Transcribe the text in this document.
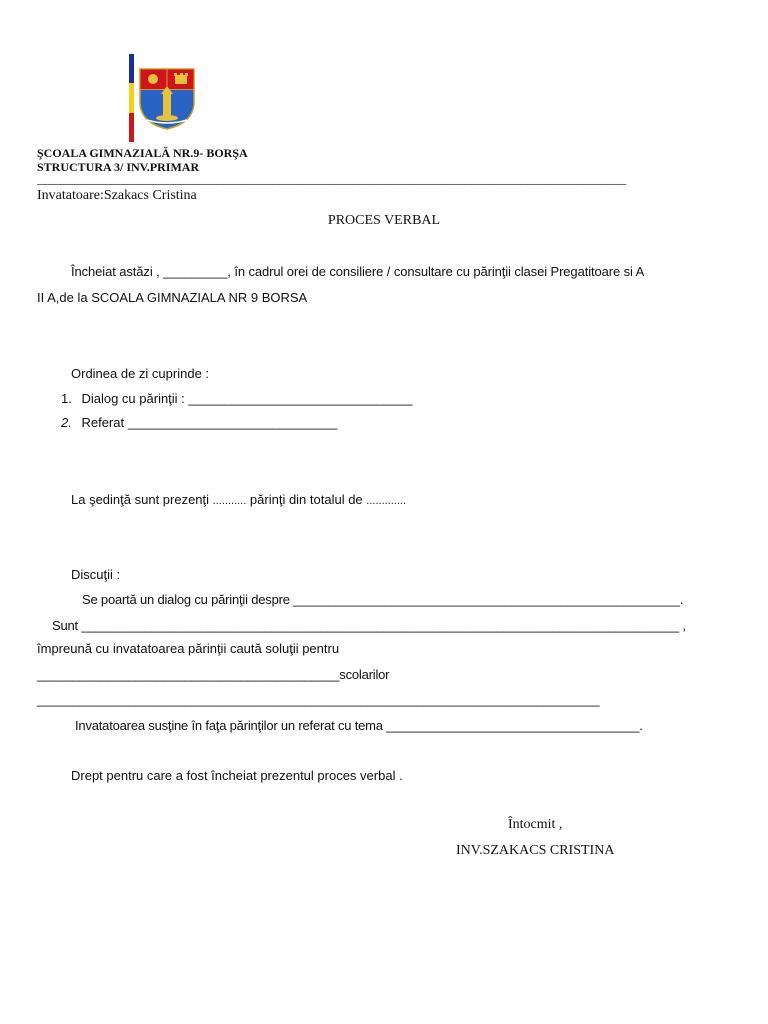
ŞCOALA GIMNAZIALĂ NR.9- BORŞA
STRUCTURA 3/ INV.PRIMAR
_______________________________________________________________________________________________
Invatatoare:Szakacs Cristina
PROCES VERBAL
Încheiat astăzi , _________, în cadrul orei de consiliere / consultare cu părinţii clasei Pregatitoare si A
II A,de la SCOALA GIMNAZIALA NR 9 BORSA
Ordinea de zi cuprinde :
1. Dialog cu părinţii : _______________________________
2. Referat _____________________________
La şedinţă sunt prezenţi ........... părinţi din totalul de .............
Discuţii :
Se poartă un dialog cu părinţii despre _______________________________________________________.
Sunt _____________________________________________________________________________________ ,
împreună cu invatatoarea părinţii caută soluţii pentru
___________________________________________scolarilor
________________________________________________________________________________
Invatatoarea susţine în faţa părinţilor un referat cu tema ____________________________________.
Drept pentru care a fost încheiat prezentul proces verbal .
Întocmit ,
INV.SZAKACS CRISTINA
